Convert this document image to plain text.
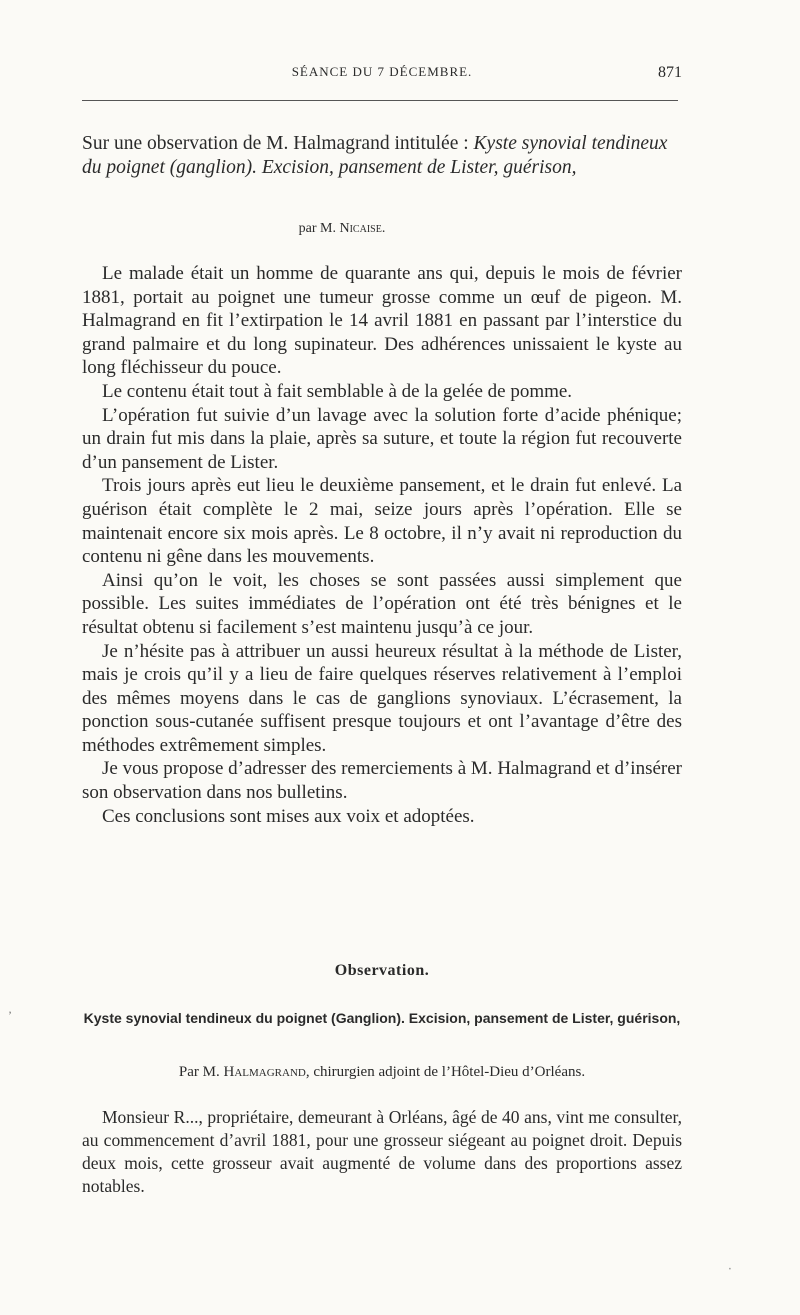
SÉANCE DU 7 DÉCEMBRE.	871

Sur une observation de M. Halmagrand intitulée : Kyste synovial tendineux du poignet (ganglion). Excision, pansement de Lister, guérison,

par M. Nicaise.

Le malade était un homme de quarante ans qui, depuis le mois de février 1881, portait au poignet une tumeur grosse comme un œuf de pigeon. M. Halmagrand en fit l’extirpation le 14 avril 1881 en passant par l’interstice du grand palmaire et du long supinateur. Des adhérences unissaient le kyste au long fléchisseur du pouce.

Le contenu était tout à fait semblable à de la gelée de pomme.

L’opération fut suivie d’un lavage avec la solution forte d’acide phénique; un drain fut mis dans la plaie, après sa suture, et toute la région fut recouverte d’un pansement de Lister.

Trois jours après eut lieu le deuxième pansement, et le drain fut enlevé. La guérison était complète le 2 mai, seize jours après l’opération. Elle se maintenait encore six mois après. Le 8 octobre, il n’y avait ni reproduction du contenu ni gêne dans les mouvements.

Ainsi qu’on le voit, les choses se sont passées aussi simplement que possible. Les suites immédiates de l’opération ont été très bénignes et le résultat obtenu si facilement s’est maintenu jusqu’à ce jour.

Je n’hésite pas à attribuer un aussi heureux résultat à la méthode de Lister, mais je crois qu’il y a lieu de faire quelques réserves relativement à l’emploi des mêmes moyens dans le cas de ganglions synoviaux. L’écrasement, la ponction sous-cutanée suffisent presque toujours et ont l’avantage d’être des méthodes extrêmement simples.

Je vous propose d’adresser des remerciements à M. Halmagrand et d’insérer son observation dans nos bulletins.

Ces conclusions sont mises aux voix et adoptées.

Observation.
Kyste synovial tendineux du poignet (Ganglion). Excision, pansement de Lister, guérison,
Par M. Halmagrand, chirurgien adjoint de l’Hôtel-Dieu d’Orléans.

Monsieur R..., propriétaire, demeurant à Orléans, âgé de 40 ans, vint me consulter, au commencement d’avril 1881, pour une grosseur siégeant au poignet droit. Depuis deux mois, cette grosseur avait augmenté de volume dans des proportions assez notables.

’
‧
